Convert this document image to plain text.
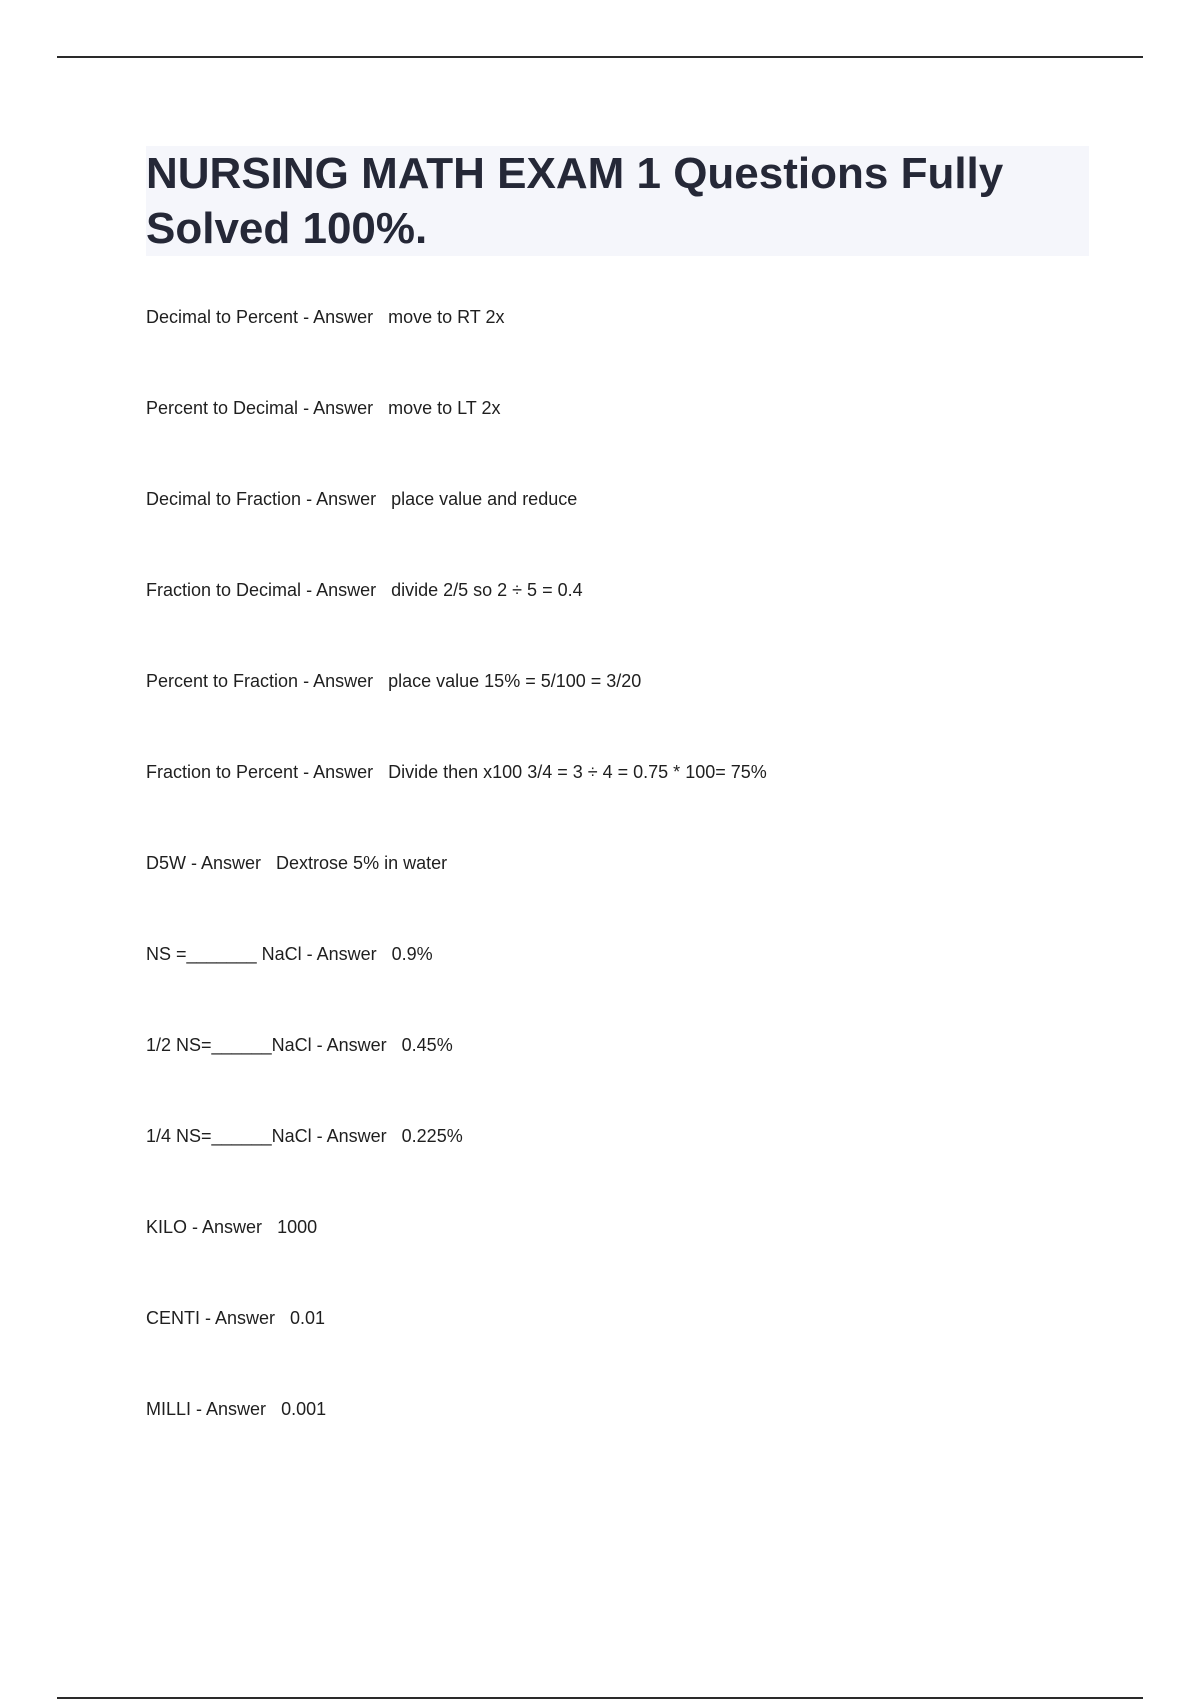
NURSING MATH EXAM 1 Questions Fully Solved 100%.
Decimal to Percent - Answer   move to RT 2x
Percent to Decimal - Answer   move to LT 2x
Decimal to Fraction - Answer   place value and reduce
Fraction to Decimal - Answer   divide 2/5 so 2 ÷ 5 = 0.4
Percent to Fraction - Answer   place value 15% = 5/100 = 3/20
Fraction to Percent - Answer   Divide then x100 3/4 = 3 ÷ 4 = 0.75 * 100= 75%
D5W - Answer   Dextrose 5% in water
NS =_______ NaCl - Answer   0.9%
1/2 NS=______NaCl - Answer   0.45%
1/4 NS=______NaCl - Answer   0.225%
KILO - Answer   1000
CENTI - Answer   0.01
MILLI - Answer   0.001
